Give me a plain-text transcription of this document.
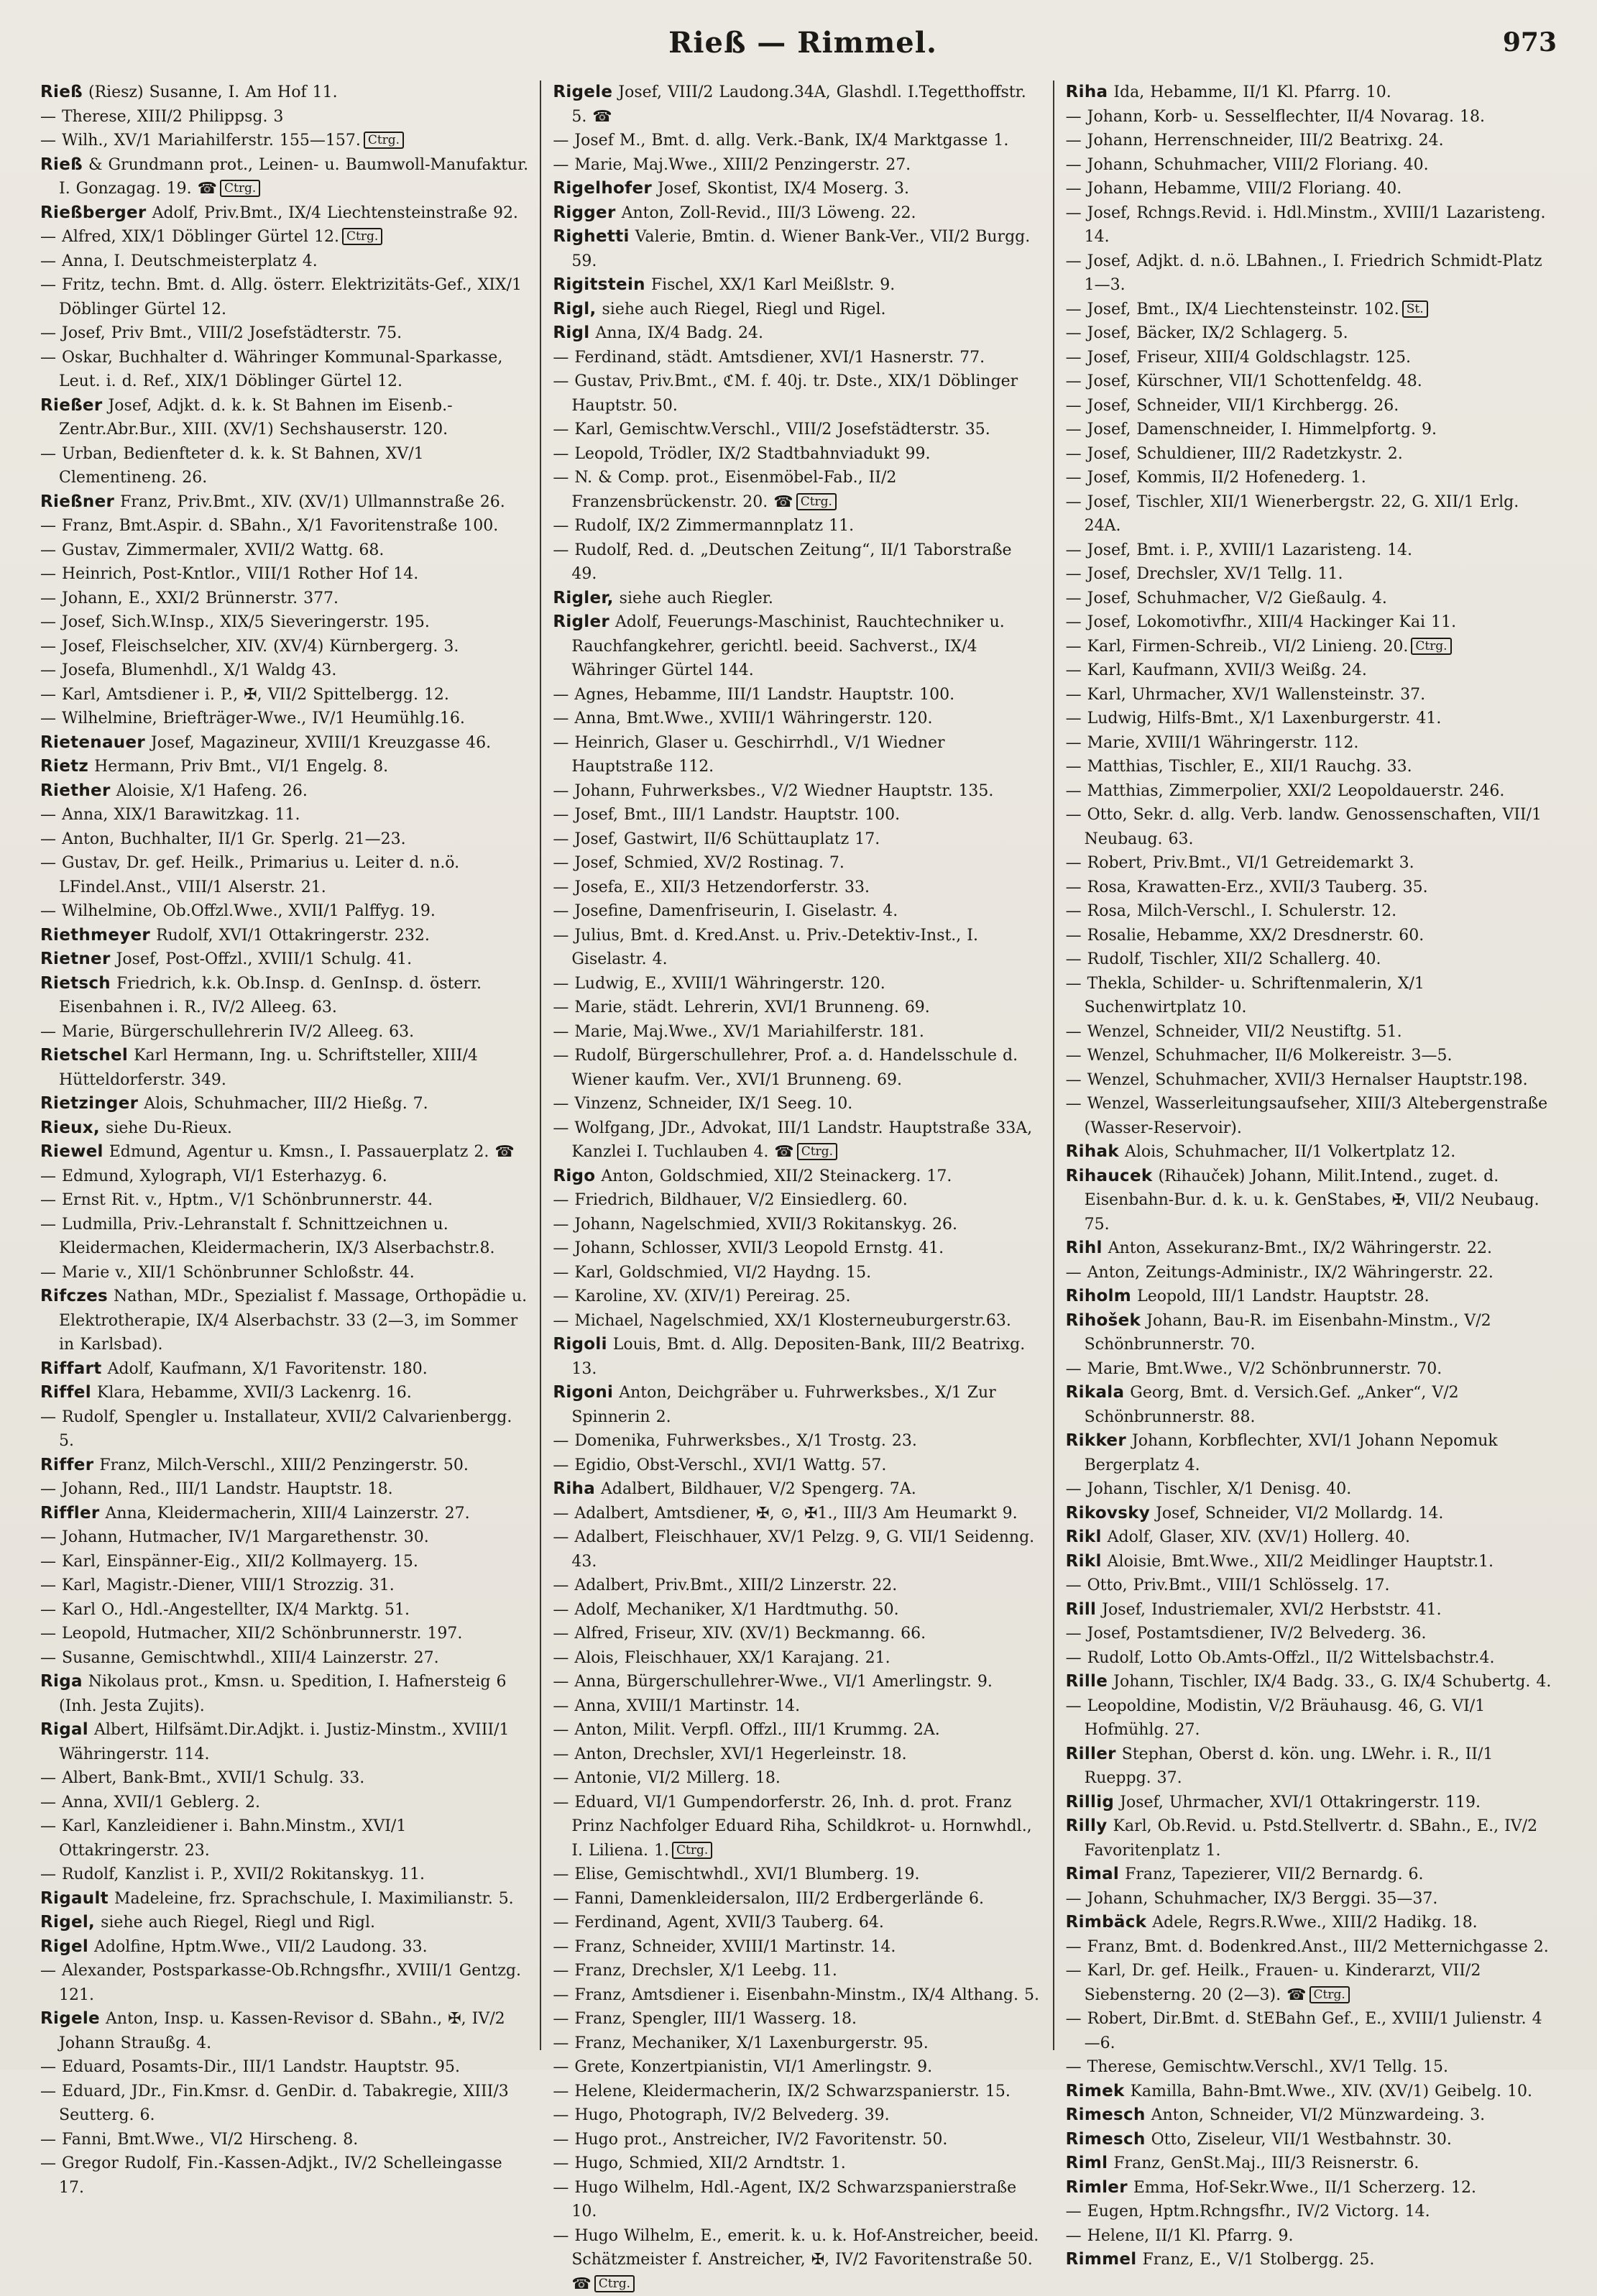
Rieß — Rimmel.	973

Rieß (Riesz) Susanne, I. Am Hof 11.

— Therese, XIII/2 Philippsg. 3

— Wilh., XV/1 Mariahilferstr. 155—157. Ctrg.

Rieß & Grundmann prot., Leinen- u. Baumwoll-Manufaktur. I. Gonzagag. 19. ☎ Ctrg.

Rießberger Adolf, Priv.Bmt., IX/4 Liechtensteinstraße 92.

— Alfred, XIX/1 Döblinger Gürtel 12. Ctrg.

— Anna, I. Deutschmeisterplatz 4.

— Fritz, techn. Bmt. d. Allg. österr. Elektrizitäts-Gef., XIX/1 Döblinger Gürtel 12.

— Josef, Priv Bmt., VIII/2 Josefstädterstr. 75.

— Oskar, Buchhalter d. Währinger Kommunal-Sparkasse, Leut. i. d. Ref., XIX/1 Döblinger Gürtel 12.

Rießer Josef, Adjkt. d. k. k. St Bahnen im Eisenb.-Zentr.Abr.Bur., XIII. (XV/1) Sechshauserstr. 120.

— Urban, Bedienfteter d. k. k. St Bahnen, XV/1 Clementineng. 26.

Rießner Franz, Priv.Bmt., XIV. (XV/1) Ullmannstraße 26.

— Franz, Bmt.Aspir. d. SBahn., X/1 Favoritenstraße 100.

— Gustav, Zimmermaler, XVII/2 Wattg. 68.

— Heinrich, Post-Kntlor., VIII/1 Rother Hof 14.

— Johann, E., XXI/2 Brünnerstr. 377.

— Josef, Sich.W.Insp., XIX/5 Sieveringerstr. 195.

— Josef, Fleischselcher, XIV. (XV/4) Kürnbergerg. 3.

— Josefa, Blumenhdl., X/1 Waldg 43.

— Karl, Amtsdiener i. P., ✠, VII/2 Spittelbergg. 12.

— Wilhelmine, Briefträger-Wwe., IV/1 Heumühlg.16.

Rietenauer Josef, Magazineur, XVIII/1 Kreuzgasse 46.

Rietz Hermann, Priv Bmt., VI/1 Engelg. 8.

Riether Aloisie, X/1 Hafeng. 26.

— Anna, XIX/1 Barawitzkag. 11.

— Anton, Buchhalter, II/1 Gr. Sperlg. 21—23.

— Gustav, Dr. gef. Heilk., Primarius u. Leiter d. n.ö. LFindel.Anst., VIII/1 Alserstr. 21.

— Wilhelmine, Ob.Offzl.Wwe., XVII/1 Palffyg. 19.

Riethmeyer Rudolf, XVI/1 Ottakringerstr. 232.

Rietner Josef, Post-Offzl., XVIII/1 Schulg. 41.

Rietsch Friedrich, k.k. Ob.Insp. d. GenInsp. d. österr. Eisenbahnen i. R., IV/2 Alleeg. 63.

— Marie, Bürgerschullehrerin IV/2 Alleeg. 63.

Rietschel Karl Hermann, Ing. u. Schriftsteller, XIII/4 Hütteldorferstr. 349.

Rietzinger Alois, Schuhmacher, III/2 Hießg. 7.

Rieux, siehe Du-Rieux.

Riewel Edmund, Agentur u. Kmsn., I. Passauerplatz 2. ☎

— Edmund, Xylograph, VI/1 Esterhazyg. 6.

— Ernst Rit. v., Hptm., V/1 Schönbrunnerstr. 44.

— Ludmilla, Priv.-Lehranstalt f. Schnittzeichnen u. Kleidermachen, Kleidermacherin, IX/3 Alserbachstr.8.

— Marie v., XII/1 Schönbrunner Schloßstr. 44.

Rifczes Nathan, MDr., Spezialist f. Massage, Orthopädie u. Elektrotherapie, IX/4 Alserbachstr. 33 (2—3, im Sommer in Karlsbad).

Riffart Adolf, Kaufmann, X/1 Favoritenstr. 180.

Riffel Klara, Hebamme, XVII/3 Lackenrg. 16.

— Rudolf, Spengler u. Installateur, XVII/2 Calvarienbergg. 5.

Riffer Franz, Milch-Verschl., XIII/2 Penzingerstr. 50.

— Johann, Red., III/1 Landstr. Hauptstr. 18.

Riffler Anna, Kleidermacherin, XIII/4 Lainzerstr. 27.

— Johann, Hutmacher, IV/1 Margarethenstr. 30.

— Karl, Einspänner-Eig., XII/2 Kollmayerg. 15.

— Karl, Magistr.-Diener, VIII/1 Strozzig. 31.

— Karl O., Hdl.-Angestellter, IX/4 Marktg. 51.

— Leopold, Hutmacher, XII/2 Schönbrunnerstr. 197.

— Susanne, Gemischtwhdl., XIII/4 Lainzerstr. 27.

Riga Nikolaus prot., Kmsn. u. Spedition, I. Hafnersteig 6 (Inh. Jesta Zujits).

Rigal Albert, Hilfsämt.Dir.Adjkt. i. Justiz-Minstm., XVIII/1 Währingerstr. 114.

— Albert, Bank-Bmt., XVII/1 Schulg. 33.

— Anna, XVII/1 Geblerg. 2.

— Karl, Kanzleidiener i. Bahn.Minstm., XVI/1 Ottakringerstr. 23.

— Rudolf, Kanzlist i. P., XVII/2 Rokitanskyg. 11.

Rigault Madeleine, frz. Sprachschule, I. Maximilianstr. 5.

Rigel, siehe auch Riegel, Riegl und Rigl.

Rigel Adolfine, Hptm.Wwe., VII/2 Laudong. 33.

— Alexander, Postsparkasse-Ob.Rchngsfhr., XVIII/1 Gentzg. 121.

Rigele Anton, Insp. u. Kassen-Revisor d. SBahn., ✠, IV/2 Johann Straußg. 4.

— Eduard, Posamts-Dir., III/1 Landstr. Hauptstr. 95.

— Eduard, JDr., Fin.Kmsr. d. GenDir. d. Tabakregie, XIII/3 Seutterg. 6.

— Fanni, Bmt.Wwe., VI/2 Hirscheng. 8.

— Gregor Rudolf, Fin.-Kassen-Adjkt., IV/2 Schelleingasse 17.

Rigele Josef, VIII/2 Laudong.34A, Glashdl. I.Tegetthoffstr. 5. ☎

— Josef M., Bmt. d. allg. Verk.-Bank, IX/4 Marktgasse 1.

— Marie, Maj.Wwe., XIII/2 Penzingerstr. 27.

Rigelhofer Josef, Skontist, IX/4 Moserg. 3.

Rigger Anton, Zoll-Revid., III/3 Löweng. 22.

Righetti Valerie, Bmtin. d. Wiener Bank-Ver., VII/2 Burgg. 59.

Rigitstein Fischel, XX/1 Karl Meißlstr. 9.

Rigl, siehe auch Riegel, Riegl und Rigel.

Rigl Anna, IX/4 Badg. 24.

— Ferdinand, städt. Amtsdiener, XVI/1 Hasnerstr. 77.

— Gustav, Priv.Bmt., ℭM. f. 40j. tr. Dste., XIX/1 Döblinger Hauptstr. 50.

— Karl, Gemischtw.Verschl., VIII/2 Josefstädterstr. 35.

— Leopold, Trödler, IX/2 Stadtbahnviadukt 99.

— N. & Comp. prot., Eisenmöbel-Fab., II/2 Franzensbrückenstr. 20. ☎ Ctrg.

— Rudolf, IX/2 Zimmermannplatz 11.

— Rudolf, Red. d. „Deutschen Zeitung“, II/1 Taborstraße 49.

Rigler, siehe auch Riegler.

Rigler Adolf, Feuerungs-Maschinist, Rauchtechniker u. Rauchfangkehrer, gerichtl. beeid. Sachverst., IX/4 Währinger Gürtel 144.

— Agnes, Hebamme, III/1 Landstr. Hauptstr. 100.

— Anna, Bmt.Wwe., XVIII/1 Währingerstr. 120.

— Heinrich, Glaser u. Geschirrhdl., V/1 Wiedner Hauptstraße 112.

— Johann, Fuhrwerksbes., V/2 Wiedner Hauptstr. 135.

— Josef, Bmt., III/1 Landstr. Hauptstr. 100.

— Josef, Gastwirt, II/6 Schüttauplatz 17.

— Josef, Schmied, XV/2 Rostinag. 7.

— Josefa, E., XII/3 Hetzendorferstr. 33.

— Josefine, Damenfriseurin, I. Giselastr. 4.

— Julius, Bmt. d. Kred.Anst. u. Priv.-Detektiv-Inst., I. Giselastr. 4.

— Ludwig, E., XVIII/1 Währingerstr. 120.

— Marie, städt. Lehrerin, XVI/1 Brunneng. 69.

— Marie, Maj.Wwe., XV/1 Mariahilferstr. 181.

— Rudolf, Bürgerschullehrer, Prof. a. d. Handelsschule d. Wiener kaufm. Ver., XVI/1 Brunneng. 69.

— Vinzenz, Schneider, IX/1 Seeg. 10.

— Wolfgang, JDr., Advokat, III/1 Landstr. Hauptstraße 33A, Kanzlei I. Tuchlauben 4. ☎ Ctrg.

Rigo Anton, Goldschmied, XII/2 Steinackerg. 17.

— Friedrich, Bildhauer, V/2 Einsiedlerg. 60.

— Johann, Nagelschmied, XVII/3 Rokitanskyg. 26.

— Johann, Schlosser, XVII/3 Leopold Ernstg. 41.

— Karl, Goldschmied, VI/2 Haydng. 15.

— Karoline, XV. (XIV/1) Pereirag. 25.

— Michael, Nagelschmied, XX/1 Klosterneuburgerstr.63.

Rigoli Louis, Bmt. d. Allg. Depositen-Bank, III/2 Beatrixg. 13.

Rigoni Anton, Deichgräber u. Fuhrwerksbes., X/1 Zur Spinnerin 2.

— Domenika, Fuhrwerksbes., X/1 Trostg. 23.

— Egidio, Obst-Verschl., XVI/1 Wattg. 57.

Riha Adalbert, Bildhauer, V/2 Spengerg. 7A.

— Adalbert, Amtsdiener, ✠, ⊙, ✠1., III/3 Am Heumarkt 9.

— Adalbert, Fleischhauer, XV/1 Pelzg. 9, G. VII/1 Seidenng. 43.

— Adalbert, Priv.Bmt., XIII/2 Linzerstr. 22.

— Adolf, Mechaniker, X/1 Hardtmuthg. 50.

— Alfred, Friseur, XIV. (XV/1) Beckmanng. 66.

— Alois, Fleischhauer, XX/1 Karajang. 21.

— Anna, Bürgerschullehrer-Wwe., VI/1 Amerlingstr. 9.

— Anna, XVIII/1 Martinstr. 14.

— Anton, Milit. Verpfl. Offzl., III/1 Krummg. 2A.

— Anton, Drechsler, XVI/1 Hegerleinstr. 18.

— Antonie, VI/2 Millerg. 18.

— Eduard, VI/1 Gumpendorferstr. 26, Inh. d. prot. Franz Prinz Nachfolger Eduard Riha, Schildkrot- u. Hornwhdl., I. Liliena. 1. Ctrg.

— Elise, Gemischtwhdl., XVI/1 Blumberg. 19.

— Fanni, Damenkleidersalon, III/2 Erdbergerlände 6.

— Ferdinand, Agent, XVII/3 Tauberg. 64.

— Franz, Schneider, XVIII/1 Martinstr. 14.

— Franz, Drechsler, X/1 Leebg. 11.

— Franz, Amtsdiener i. Eisenbahn-Minstm., IX/4 Althang. 5.

— Franz, Spengler, III/1 Wasserg. 18.

— Franz, Mechaniker, X/1 Laxenburgerstr. 95.

— Grete, Konzertpianistin, VI/1 Amerlingstr. 9.

— Helene, Kleidermacherin, IX/2 Schwarzspanierstr. 15.

— Hugo, Photograph, IV/2 Belvederg. 39.

— Hugo prot., Anstreicher, IV/2 Favoritenstr. 50.

— Hugo, Schmied, XII/2 Arndtstr. 1.

— Hugo Wilhelm, Hdl.-Agent, IX/2 Schwarzspanierstraße 10.

— Hugo Wilhelm, E., emerit. k. u. k. Hof-Anstreicher, beeid. Schätzmeister f. Anstreicher, ✠, IV/2 Favoritenstraße 50. ☎ Ctrg.

Riha Ida, Hebamme, II/1 Kl. Pfarrg. 10.

— Johann, Korb- u. Sesselflechter, II/4 Novarag. 18.

— Johann, Herrenschneider, III/2 Beatrixg. 24.

— Johann, Schuhmacher, VIII/2 Floriang. 40.

— Johann, Hebamme, VIII/2 Floriang. 40.

— Josef, Rchngs.Revid. i. Hdl.Minstm., XVIII/1 Lazaristeng. 14.

— Josef, Adjkt. d. n.ö. LBahnen., I. Friedrich Schmidt-Platz 1—3.

— Josef, Bmt., IX/4 Liechtensteinstr. 102. St.

— Josef, Bäcker, IX/2 Schlagerg. 5.

— Josef, Friseur, XIII/4 Goldschlagstr. 125.

— Josef, Kürschner, VII/1 Schottenfeldg. 48.

— Josef, Schneider, VII/1 Kirchbergg. 26.

— Josef, Damenschneider, I. Himmelpfortg. 9.

— Josef, Schuldiener, III/2 Radetzkystr. 2.

— Josef, Kommis, II/2 Hofenederg. 1.

— Josef, Tischler, XII/1 Wienerbergstr. 22, G. XII/1 Erlg. 24A.

— Josef, Bmt. i. P., XVIII/1 Lazaristeng. 14.

— Josef, Drechsler, XV/1 Tellg. 11.

— Josef, Schuhmacher, V/2 Gießaulg. 4.

— Josef, Lokomotivfhr., XIII/4 Hackinger Kai 11.

— Karl, Firmen-Schreib., VI/2 Linieng. 20. Ctrg.

— Karl, Kaufmann, XVII/3 Weißg. 24.

— Karl, Uhrmacher, XV/1 Wallensteinstr. 37.

— Ludwig, Hilfs-Bmt., X/1 Laxenburgerstr. 41.

— Marie, XVIII/1 Währingerstr. 112.

— Matthias, Tischler, E., XII/1 Rauchg. 33.

— Matthias, Zimmerpolier, XXI/2 Leopoldauerstr. 246.

— Otto, Sekr. d. allg. Verb. landw. Genossenschaften, VII/1 Neubaug. 63.

— Robert, Priv.Bmt., VI/1 Getreidemarkt 3.

— Rosa, Krawatten-Erz., XVII/3 Tauberg. 35.

— Rosa, Milch-Verschl., I. Schulerstr. 12.

— Rosalie, Hebamme, XX/2 Dresdnerstr. 60.

— Rudolf, Tischler, XII/2 Schallerg. 40.

— Thekla, Schilder- u. Schriftenmalerin, X/1 Suchenwirtplatz 10.

— Wenzel, Schneider, VII/2 Neustiftg. 51.

— Wenzel, Schuhmacher, II/6 Molkereistr. 3—5.

— Wenzel, Schuhmacher, XVII/3 Hernalser Hauptstr.198.

— Wenzel, Wasserleitungsaufseher, XIII/3 Altebergenstraße (Wasser-Reservoir).

Rihak Alois, Schuhmacher, II/1 Volkertplatz 12.

Rihaucek (Rihauček) Johann, Milit.Intend., zuget. d. Eisenbahn-Bur. d. k. u. k. GenStabes, ✠, VII/2 Neubaug. 75.

Rihl Anton, Assekuranz-Bmt., IX/2 Währingerstr. 22.

— Anton, Zeitungs-Administr., IX/2 Währingerstr. 22.

Riholm Leopold, III/1 Landstr. Hauptstr. 28.

Rihošek Johann, Bau-R. im Eisenbahn-Minstm., V/2 Schönbrunnerstr. 70.

— Marie, Bmt.Wwe., V/2 Schönbrunnerstr. 70.

Rikala Georg, Bmt. d. Versich.Gef. „Anker“, V/2 Schönbrunnerstr. 88.

Rikker Johann, Korbflechter, XVI/1 Johann Nepomuk Bergerplatz 4.

— Johann, Tischler, X/1 Denisg. 40.

Rikovsky Josef, Schneider, VI/2 Mollardg. 14.

Rikl Adolf, Glaser, XIV. (XV/1) Hollerg. 40.

Rikl Aloisie, Bmt.Wwe., XII/2 Meidlinger Hauptstr.1.

— Otto, Priv.Bmt., VIII/1 Schlösselg. 17.

Rill Josef, Industriemaler, XVI/2 Herbststr. 41.

— Josef, Postamtsdiener, IV/2 Belvederg. 36.

— Rudolf, Lotto Ob.Amts-Offzl., II/2 Wittelsbachstr.4.

Rille Johann, Tischler, IX/4 Badg. 33., G. IX/4 Schubertg. 4.

— Leopoldine, Modistin, V/2 Bräuhausg. 46, G. VI/1 Hofmühlg. 27.

Riller Stephan, Oberst d. kön. ung. LWehr. i. R., II/1 Rueppg. 37.

Rillig Josef, Uhrmacher, XVI/1 Ottakringerstr. 119.

Rilly Karl, Ob.Revid. u. Pstd.Stellvertr. d. SBahn., E., IV/2 Favoritenplatz 1.

Rimal Franz, Tapezierer, VII/2 Bernardg. 6.

— Johann, Schuhmacher, IX/3 Berggi. 35—37.

Rimbäck Adele, Regrs.R.Wwe., XIII/2 Hadikg. 18.

— Franz, Bmt. d. Bodenkred.Anst., III/2 Metternichgasse 2.

— Karl, Dr. gef. Heilk., Frauen- u. Kinderarzt, VII/2 Siebensterng. 20 (2—3). ☎ Ctrg.

— Robert, Dir.Bmt. d. StEBahn Gef., E., XVIII/1 Julienstr. 4—6.

— Therese, Gemischtw.Verschl., XV/1 Tellg. 15.

Rimek Kamilla, Bahn-Bmt.Wwe., XIV. (XV/1) Geibelg. 10.

Rimesch Anton, Schneider, VI/2 Münzwardeing. 3.

Rimesch Otto, Ziseleur, VII/1 Westbahnstr. 30.

Riml Franz, GenSt.Maj., III/3 Reisnerstr. 6.

Rimler Emma, Hof-Sekr.Wwe., II/1 Scherzerg. 12.

— Eugen, Hptm.Rchngsfhr., IV/2 Victorg. 14.

— Helene, II/1 Kl. Pfarrg. 9.

Rimmel Franz, E., V/1 Stolbergg. 25.
